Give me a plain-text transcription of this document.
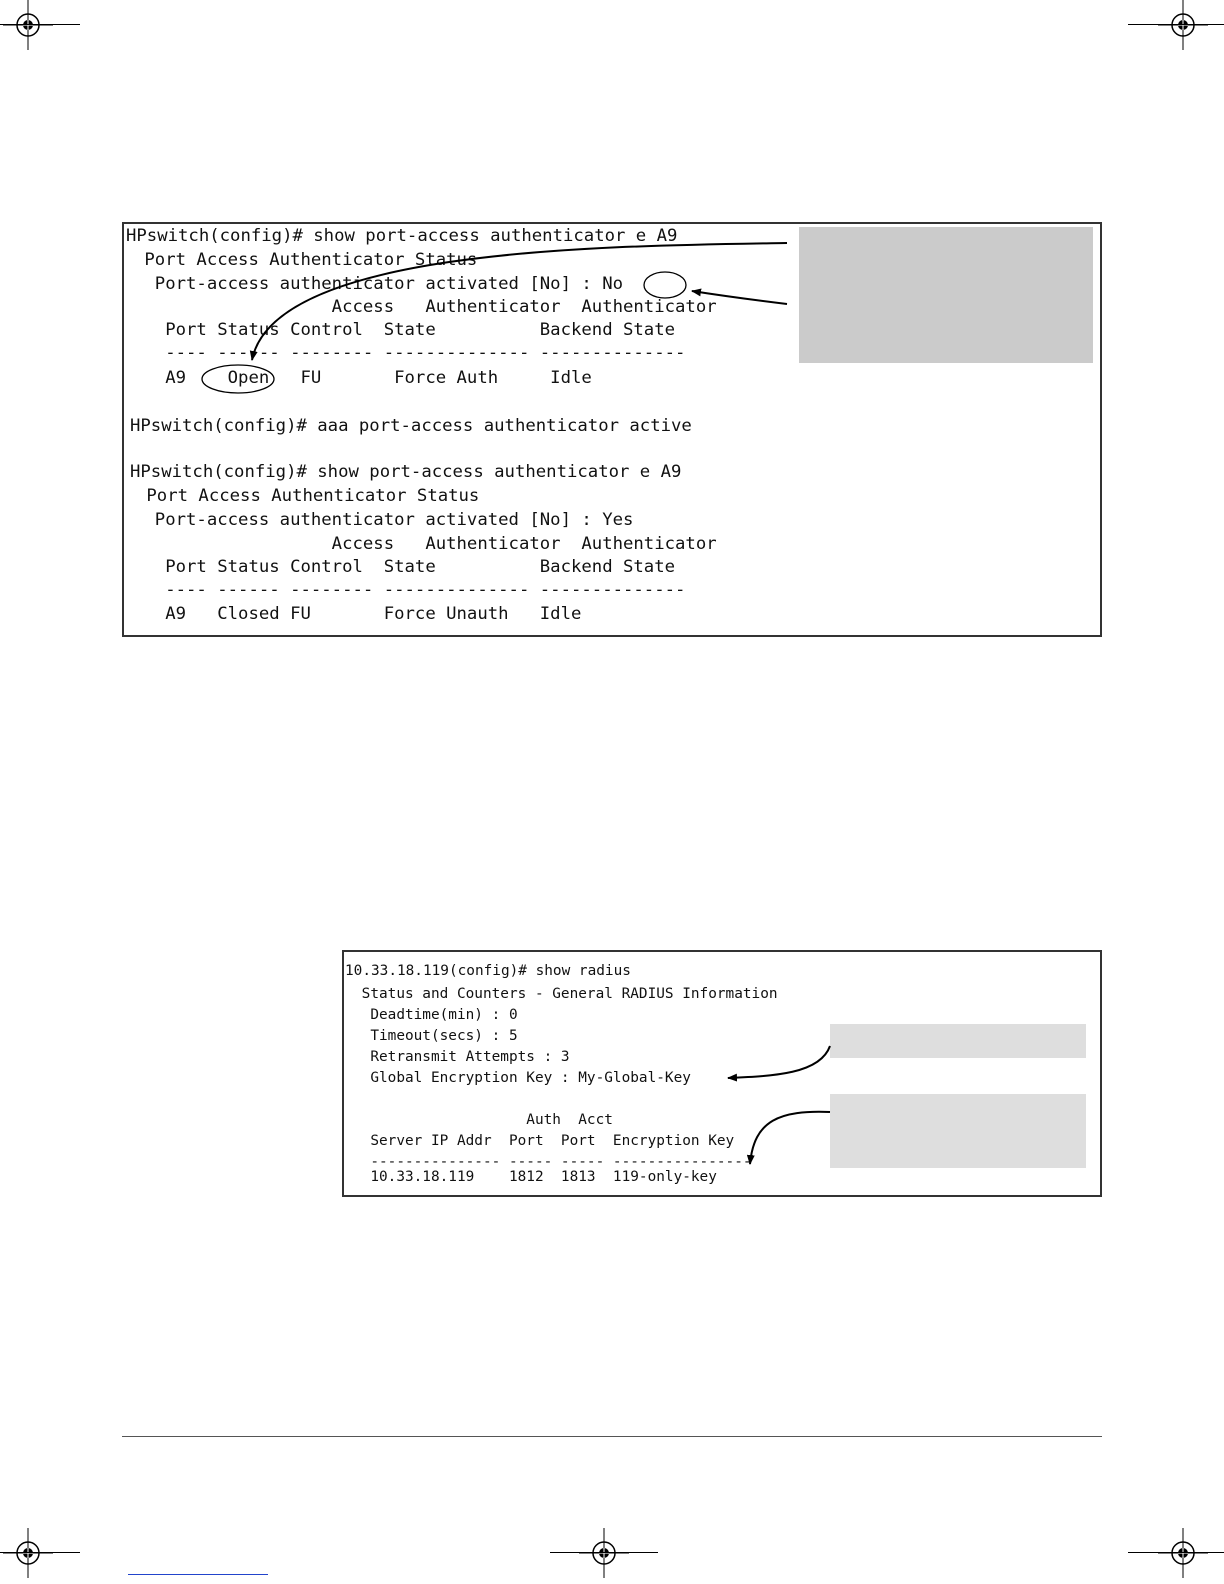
HPswitch(config)# show port-access authenticator e A9
Port Access Authenticator Status
Port-access authenticator activated [No] : No
Access   Authenticator  Authenticator
Port Status Control  State          Backend State
---- ------ -------- -------------- --------------
A9    Open   FU       Force Auth     Idle
HPswitch(config)# aaa port-access authenticator active
HPswitch(config)# show port-access authenticator e A9
Port Access Authenticator Status
Port-access authenticator activated [No] : Yes
Access   Authenticator  Authenticator
Port Status Control  State          Backend State
---- ------ -------- -------------- --------------
A9   Closed FU       Force Unauth   Idle
10.33.18.119(config)# show radius
Status and Counters - General RADIUS Information
Deadtime(min) : 0
Timeout(secs) : 5
Retransmit Attempts : 3
Global Encryption Key : My-Global-Key
Auth  Acct
Server IP Addr  Port  Port  Encryption Key
--------------- ----- ----- ----------------
10.33.18.119    1812  1813  119-only-key
